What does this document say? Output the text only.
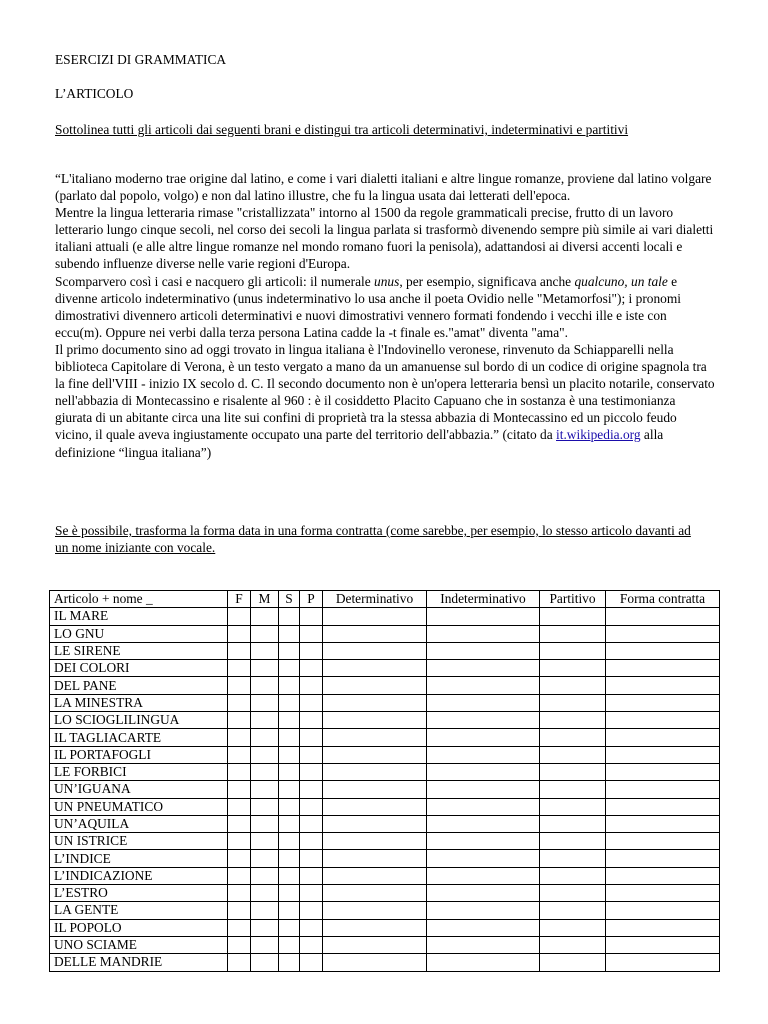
ESERCIZI DI GRAMMATICA
L’ARTICOLO

Sottolinea tutti gli articoli dai seguenti brani e distingui tra articoli determinativi, indeterminativi e partitivi

“L'italiano moderno trae origine dal latino, e come i vari dialetti italiani e altre lingue romanze, proviene dal latino volgare (parlato dal popolo, volgo) e non dal latino illustre, che fu la lingua usata dai letterati dell'epoca.

Mentre la lingua letteraria rimase "cristallizzata" intorno al 1500 da regole grammaticali precise, frutto di un lavoro letterario lungo cinque secoli, nel corso dei secoli la lingua parlata si trasformò divenendo sempre più simile ai vari dialetti italiani attuali (e alle altre lingue romanze nel mondo romano fuori la penisola), adattandosi ai diversi accenti locali e subendo influenze diverse nelle varie regioni d'Europa.

Scomparvero così i casi e nacquero gli articoli: il numerale unus, per esempio, significava anche qualcuno, un tale e divenne articolo indeterminativo (unus indeterminativo lo usa anche il poeta Ovidio nelle "Metamorfosi"); i pronomi dimostrativi divennero articoli determinativi e nuovi dimostrativi vennero formati fondendo i vecchi ille e iste con eccu(m). Oppure nei verbi dalla terza persona Latina cadde la -t finale es."amat" diventa "ama".

Il primo documento sino ad oggi trovato in lingua italiana è l'Indovinello veronese, rinvenuto da Schiapparelli nella biblioteca Capitolare di Verona, è un testo vergato a mano da un amanuense sul bordo di un codice di origine spagnola tra la fine dell'VIII - inizio IX secolo d. C. Il secondo documento non è un'opera letteraria bensì un placito notarile, conservato nell'abbazia di Montecassino e risalente al 960 : è il cosiddetto Placito Capuano che in sostanza è una testimonianza giurata di un abitante circa una lite sui confini di proprietà tra la stessa abbazia di Montecassino ed un piccolo feudo vicino, il quale aveva ingiustamente occupato una parte del territorio dell'abbazia.” (citato da it.wikipedia.org alla definizione “lingua italiana”)

Se è possibile, trasforma la forma data in una forma contratta (come sarebbe, per esempio, lo stesso articolo davanti ad un nome iniziante con vocale.

Articolo + nome _	F	M	S	P	Determinativo	Indeterminativo	Partitivo	Forma contratta
IL MARE								
LO GNU								
LE SIRENE								
DEI COLORI								
DEL PANE								
LA MINESTRA								
LO SCIOGLILINGUA								
IL TAGLIACARTE								
IL PORTAFOGLI								
LE FORBICI								
UN’IGUANA								
UN PNEUMATICO								
UN’AQUILA								
UN ISTRICE								
L’INDICE								
L’INDICAZIONE								
L’ESTRO								
LA GENTE								
IL POPOLO								
UNO SCIAME								
DELLE MANDRIE								
